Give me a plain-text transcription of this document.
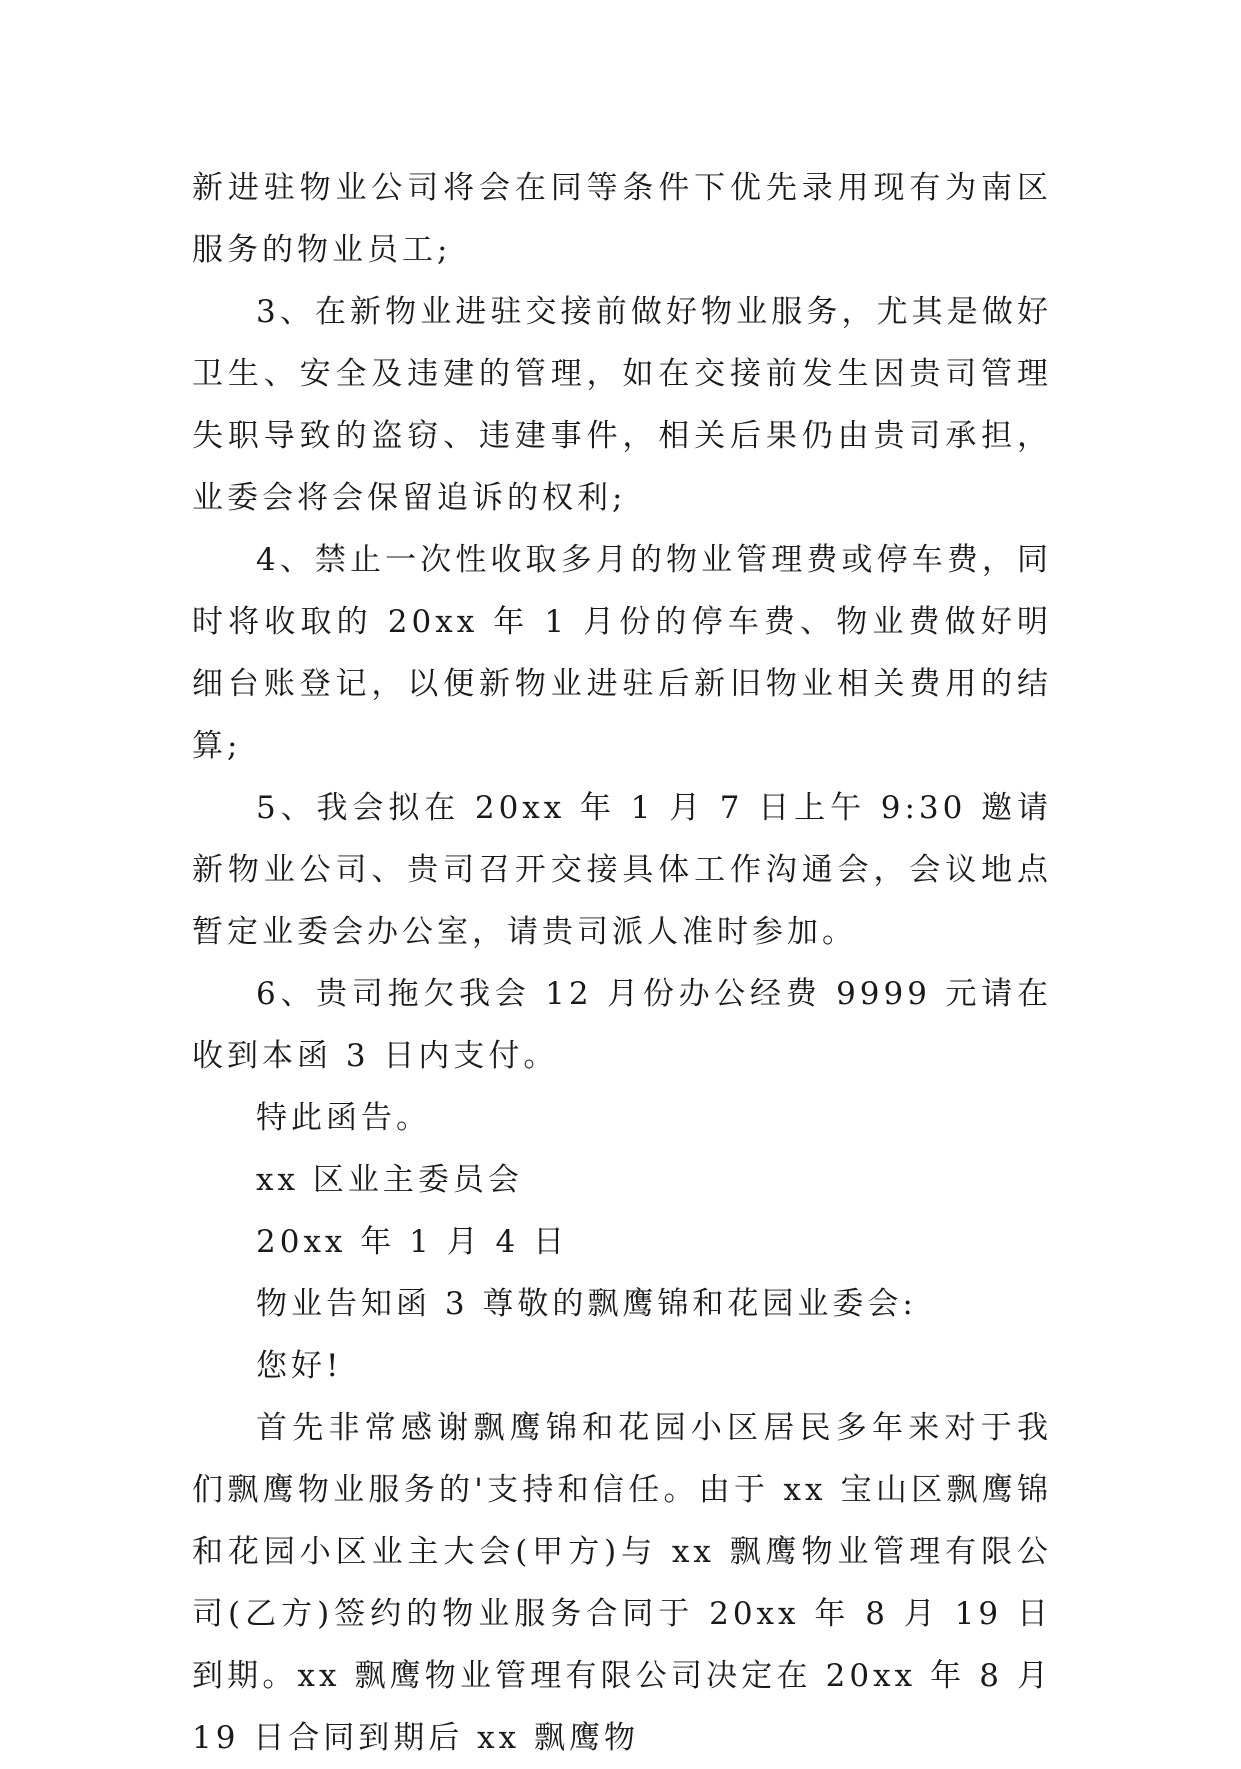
新进驻物业公司将会在同等条件下优先录用现有为南区服务的物业员工;

3、在新物业进驻交接前做好物业服务，尤其是做好卫生、安全及违建的管理，如在交接前发生因贵司管理失职导致的盗窃、违建事件，相关后果仍由贵司承担，业委会将会保留追诉的权利;

4、禁止一次性收取多月的物业管理费或停车费，同时将收取的 20xx 年 1 月份的停车费、物业费做好明细台账登记，以便新物业进驻后新旧物业相关费用的结算;

5、我会拟在 20xx 年 1 月 7 日上午 9:30 邀请新物业公司、贵司召开交接具体工作沟通会，会议地点暂定业委会办公室，请贵司派人准时参加。

6、贵司拖欠我会 12 月份办公经费 9999 元请在收到本函 3 日内支付。

特此函告。

xx 区业主委员会

20xx 年 1 月 4 日

物业告知函 3 尊敬的飘鹰锦和花园业委会:

您好!

首先非常感谢飘鹰锦和花园小区居民多年来对于我们飘鹰物业服务的'支持和信任。由于 xx 宝山区飘鹰锦和花园小区业主大会(甲方)与 xx 飘鹰物业管理有限公司(乙方)签约的物业服务合同于 20xx 年 8 月 19 日到期。xx 飘鹰物业管理有限公司决定在 20xx 年 8 月 19 日合同到期后 xx 飘鹰物
